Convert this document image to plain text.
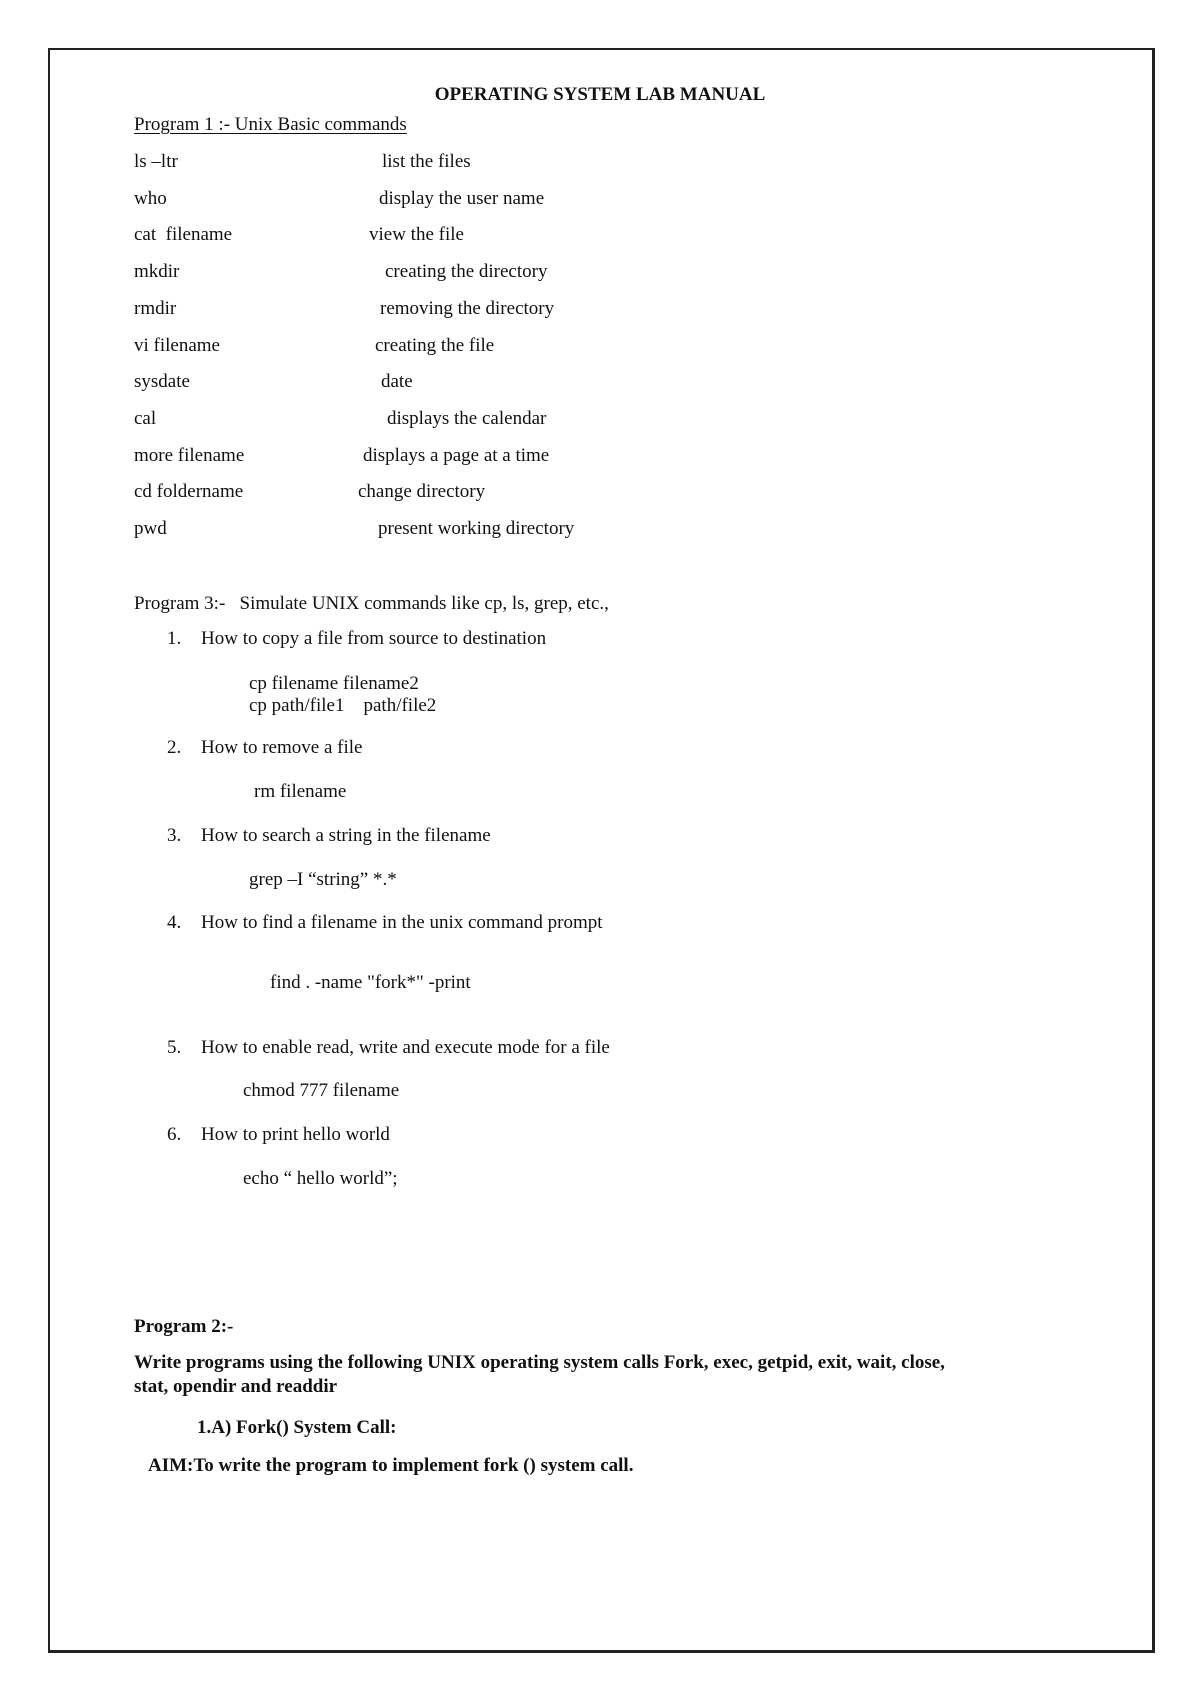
OPERATING SYSTEM LAB MANUAL
Program 1 :- Unix Basic commands
ls –ltr	list the files
who	display the user name
cat  filename	view the file
mkdir	creating the directory
rmdir	removing the directory
vi filename	creating the file
sysdate	date
cal	displays the calendar
more filename	displays a page at a time
cd foldername	change directory
pwd	present working directory
Program 3:-   Simulate UNIX commands like cp, ls, grep, etc.,
1. How to copy a file from source to destination
cp filename filename2
cp path/file1    path/file2
2. How to remove a file
rm filename
3. How to search a string in the filename
grep –I “string” *.*
4. How to find a filename in the unix command prompt
find . -name "fork*" -print
5. How to enable read, write and execute mode for a file
chmod 777 filename
6. How to print hello world
echo “ hello world”;
Program 2:-
Write programs using the following UNIX operating system calls Fork, exec, getpid, exit, wait, close, stat, opendir and readdir
1.A) Fork() System Call:
AIM:To write the program to implement fork () system call.
